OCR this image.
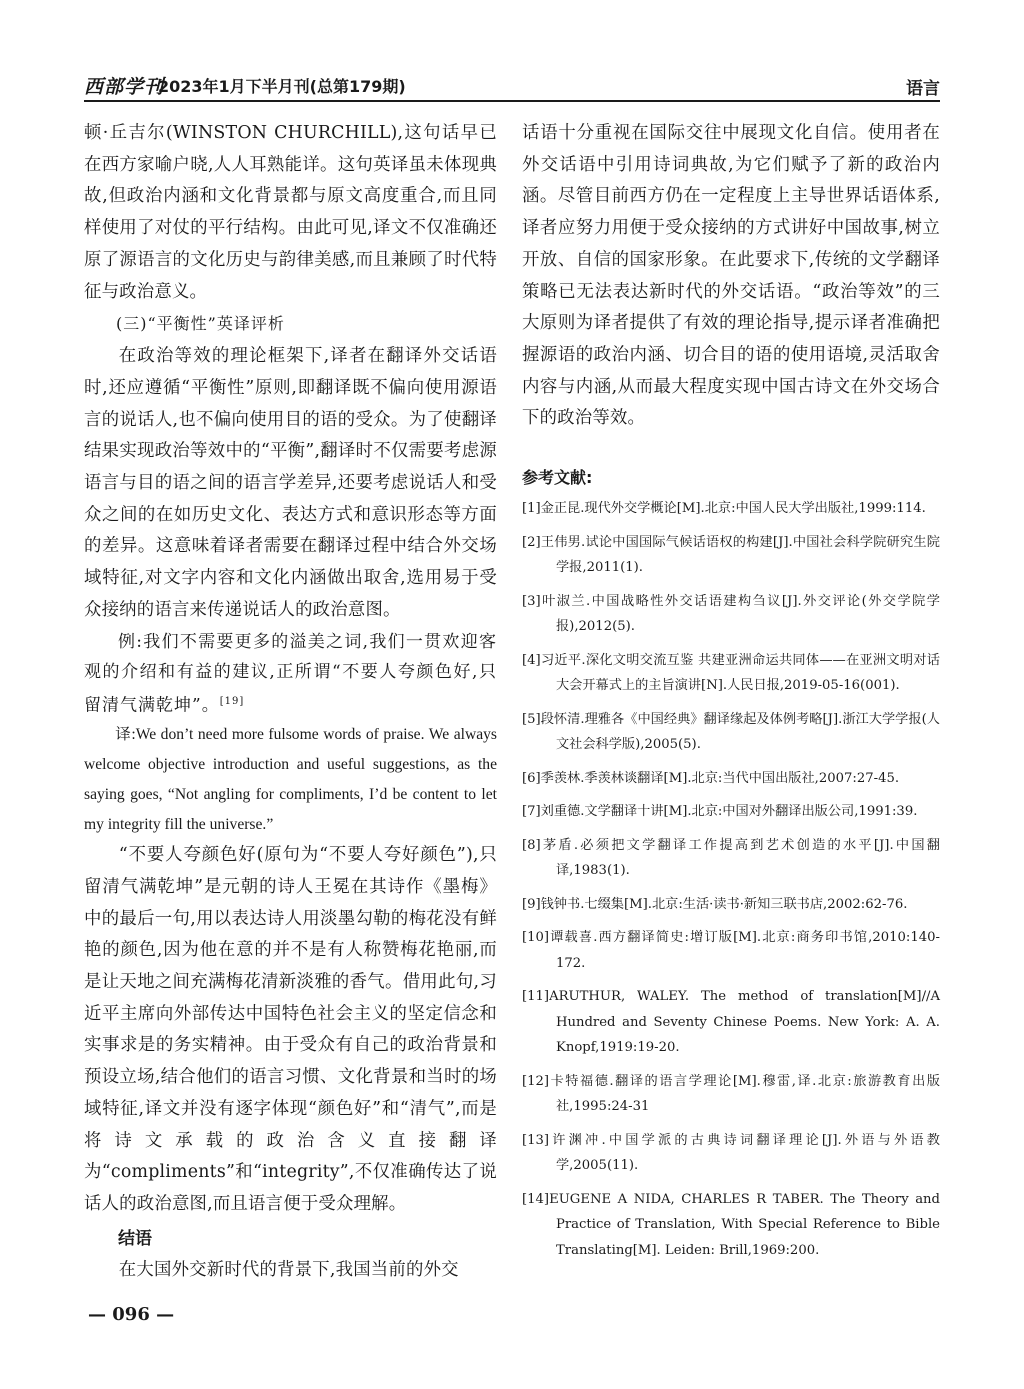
西部学刊
2023年1月下半月刊(总第179期)	语言

顿·丘吉尔(WINSTON CHURCHILL),这句话早已在西方家喻户晓,人人耳熟能详。这句英译虽未体现典故,但政治内涵和文化背景都与原文高度重合,而且同样使用了对仗的平行结构。由此可见,译文不仅准确还原了源语言的文化历史与韵律美感,而且兼顾了时代特征与政治意义。

(三)“平衡性”英译评析

在政治等效的理论框架下,译者在翻译外交话语时,还应遵循“平衡性”原则,即翻译既不偏向使用源语言的说话人,也不偏向使用目的语的受众。为了使翻译结果实现政治等效中的“平衡”,翻译时不仅需要考虑源语言与目的语之间的语言学差异,还要考虑说话人和受众之间的在如历史文化、表达方式和意识形态等方面的差异。这意味着译者需要在翻译过程中结合外交场域特征,对文字内容和文化内涵做出取舍,选用易于受众接纳的语言来传递说话人的政治意图。

例:我们不需要更多的溢美之词,我们一贯欢迎客观的介绍和有益的建议,正所谓“不要人夸颜色好,只留清气满乾坤”。[19]

译:We don’t need more fulsome words of praise. We always welcome objective introduction and useful suggestions, as the saying goes, “Not angling for compliments, I’d be content to let my integrity fill the universe.”

“不要人夸颜色好(原句为“不要人夸好颜色”),只留清气满乾坤”是元朝的诗人王冕在其诗作《墨梅》中的最后一句,用以表达诗人用淡墨勾勒的梅花没有鲜艳的颜色,因为他在意的并不是有人称赞梅花艳丽,而是让天地之间充满梅花清新淡雅的香气。借用此句,习近平主席向外部传达中国特色社会主义的坚定信念和实事求是的务实精神。由于受众有自己的政治背景和预设立场,结合他们的语言习惯、文化背景和当时的场域特征,译文并没有逐字体现“颜色好”和“清气”,而是将诗文承载的政治含义直接翻译为“compliments”和“integrity”,不仅准确传达了说话人的政治意图,而且语言便于受众理解。

结语

在大国外交新时代的背景下,我国当前的外交

话语十分重视在国际交往中展现文化自信。使用者在外交话语中引用诗词典故,为它们赋予了新的政治内涵。尽管目前西方仍在一定程度上主导世界话语体系,译者应努力用便于受众接纳的方式讲好中国故事,树立开放、自信的国家形象。在此要求下,传统的文学翻译策略已无法表达新时代的外交话语。“政治等效”的三大原则为译者提供了有效的理论指导,提示译者准确把握源语的政治内涵、切合目的语的使用语境,灵活取舍内容与内涵,从而最大程度实现中国古诗文在外交场合下的政治等效。

参考文献:

[1]金正昆.现代外交学概论[M].北京:中国人民大学出版社,1999:114.

[2]王伟男.试论中国国际气候话语权的构建[J].中国社会科学院研究生院学报,2011(1).

[3]叶淑兰.中国战略性外交话语建构刍议[J].外交评论(外交学院学报),2012(5).

[4]习近平.深化文明交流互鉴 共建亚洲命运共同体——在亚洲文明对话大会开幕式上的主旨演讲[N].人民日报,2019-05-16(001).

[5]段怀清.理雅各《中国经典》翻译缘起及体例考略[J].浙江大学学报(人文社会科学版),2005(5).

[6]季羡林.季羡林谈翻译[M].北京:当代中国出版社,2007:27-45.

[7]刘重德.文学翻译十讲[M].北京:中国对外翻译出版公司,1991:39.

[8]茅盾.必须把文学翻译工作提高到艺术创造的水平[J].中国翻译,1983(1).

[9]钱钟书.七缀集[M].北京:生活·读书·新知三联书店,2002:62-76.

[10]谭载喜.西方翻译简史:增订版[M].北京:商务印书馆,2010:140-172.

[11]ARUTHUR, WALEY. The method of translation[M]//A Hundred and Seventy Chinese Poems. New York: A. A. Knopf,1919:19-20.

[12]卡特福德.翻译的语言学理论[M].穆雷,译.北京:旅游教育出版社,1995:24-31

[13]许渊冲.中国学派的古典诗词翻译理论[J].外语与外语教学,2005(11).

[14]EUGENE A NIDA, CHARLES R TABER. The Theory and Practice of Translation, With Special Reference to Bible Translating[M]. Leiden: Brill,1969:200.

— 096 —
